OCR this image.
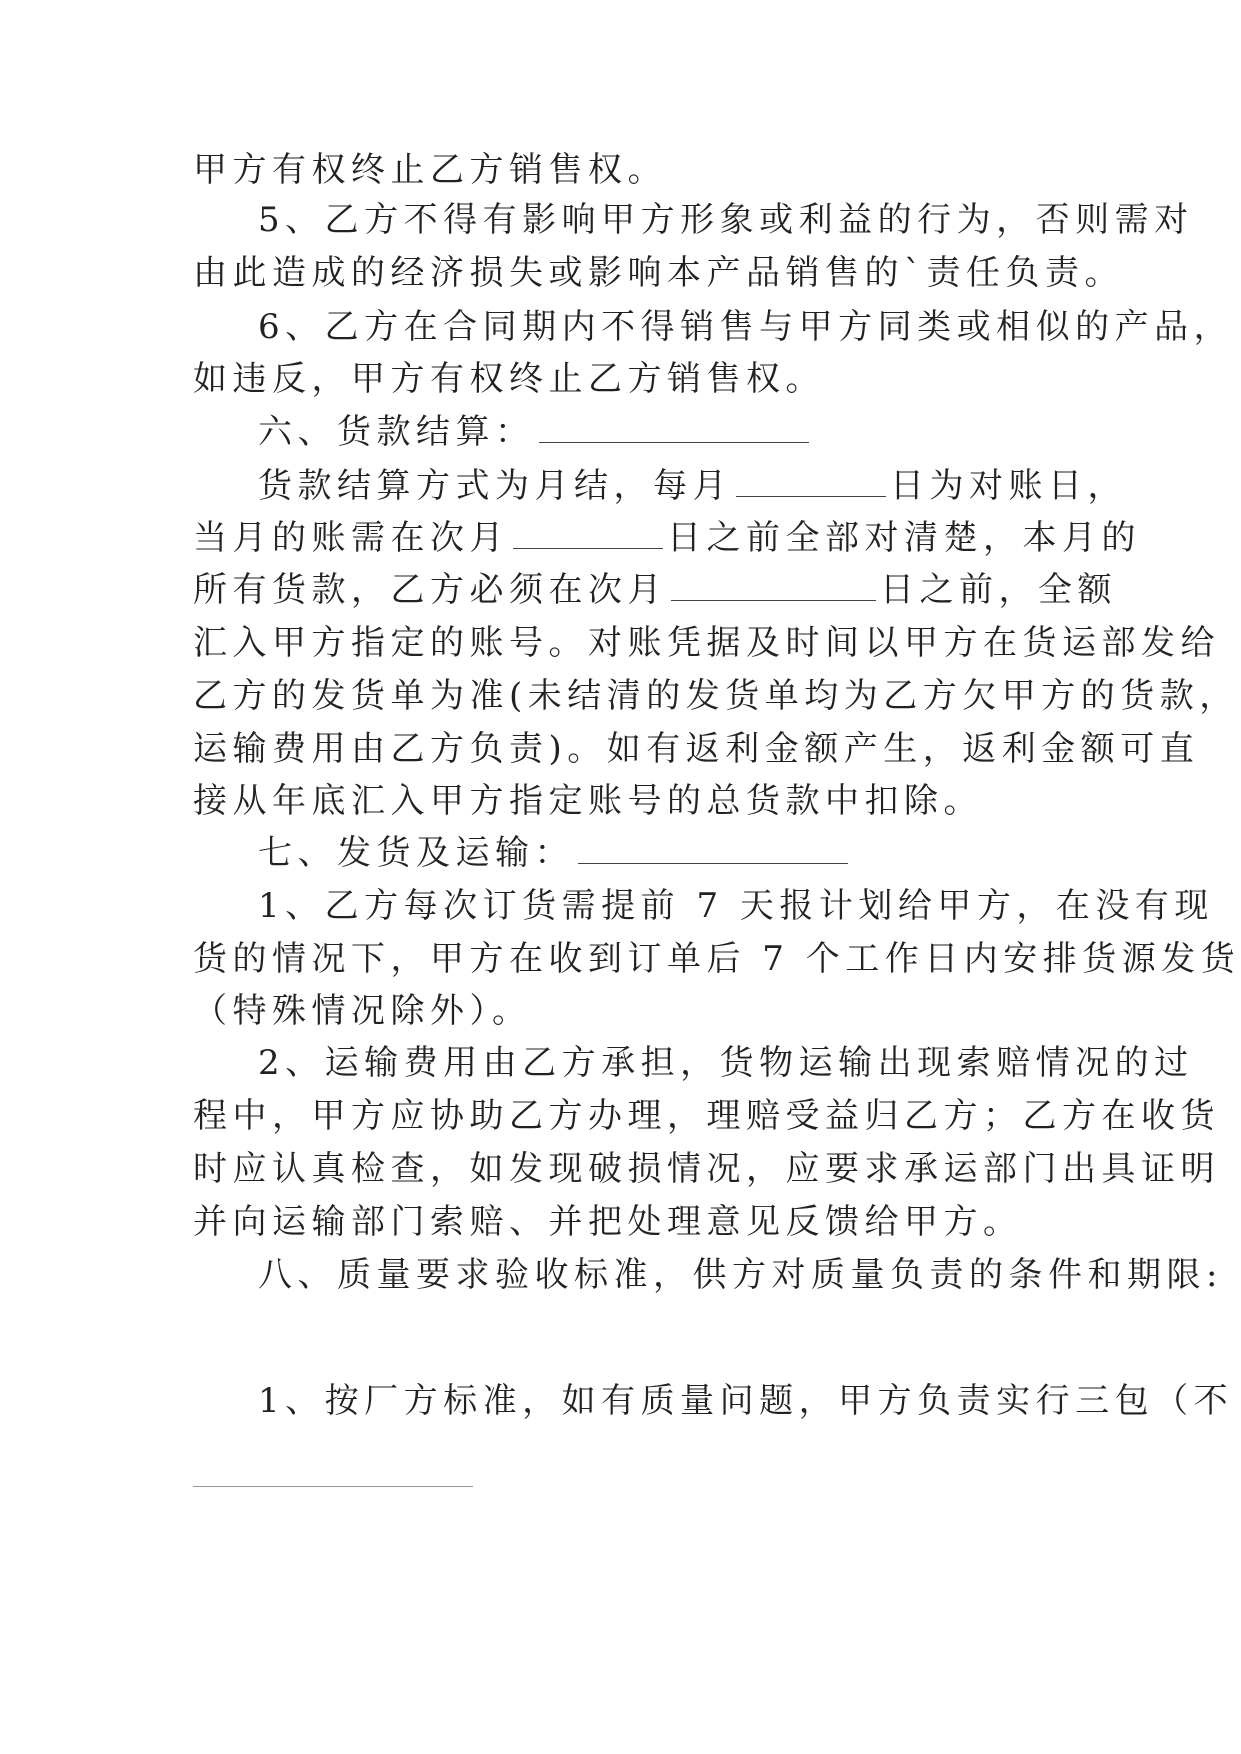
甲方有权终止乙方销售权。
5、乙方不得有影响甲方形象或利益的行为，否则需对
由此造成的经济损失或影响本产品销售的`责任负责。
6、乙方在合同期内不得销售与甲方同类或相似的产品，
如违反，甲方有权终止乙方销售权。
六、货款结算：
货款结算方式为月结，每月	日为对账日，
当月的账需在次月	日之前全部对清楚，本月的
所有货款，乙方必须在次月	日之前，全额
汇入甲方指定的账号。对账凭据及时间以甲方在货运部发给
乙方的发货单为准(未结清的发货单均为乙方欠甲方的货款，
运输费用由乙方负责)。如有返利金额产生，返利金额可直
接从年底汇入甲方指定账号的总货款中扣除。
七、发货及运输：
1、乙方每次订货需提前 7 天报计划给甲方，在没有现
货的情况下，甲方在收到订单后 7 个工作日内安排货源发货
（特殊情况除外）。
2、运输费用由乙方承担，货物运输出现索赔情况的过
程中，甲方应协助乙方办理，理赔受益归乙方；乙方在收货
时应认真检查，如发现破损情况，应要求承运部门出具证明
并向运输部门索赔、并把处理意见反馈给甲方。
八、质量要求验收标准，供方对质量负责的条件和期限:
1、按厂方标准，如有质量问题，甲方负责实行三包（不
